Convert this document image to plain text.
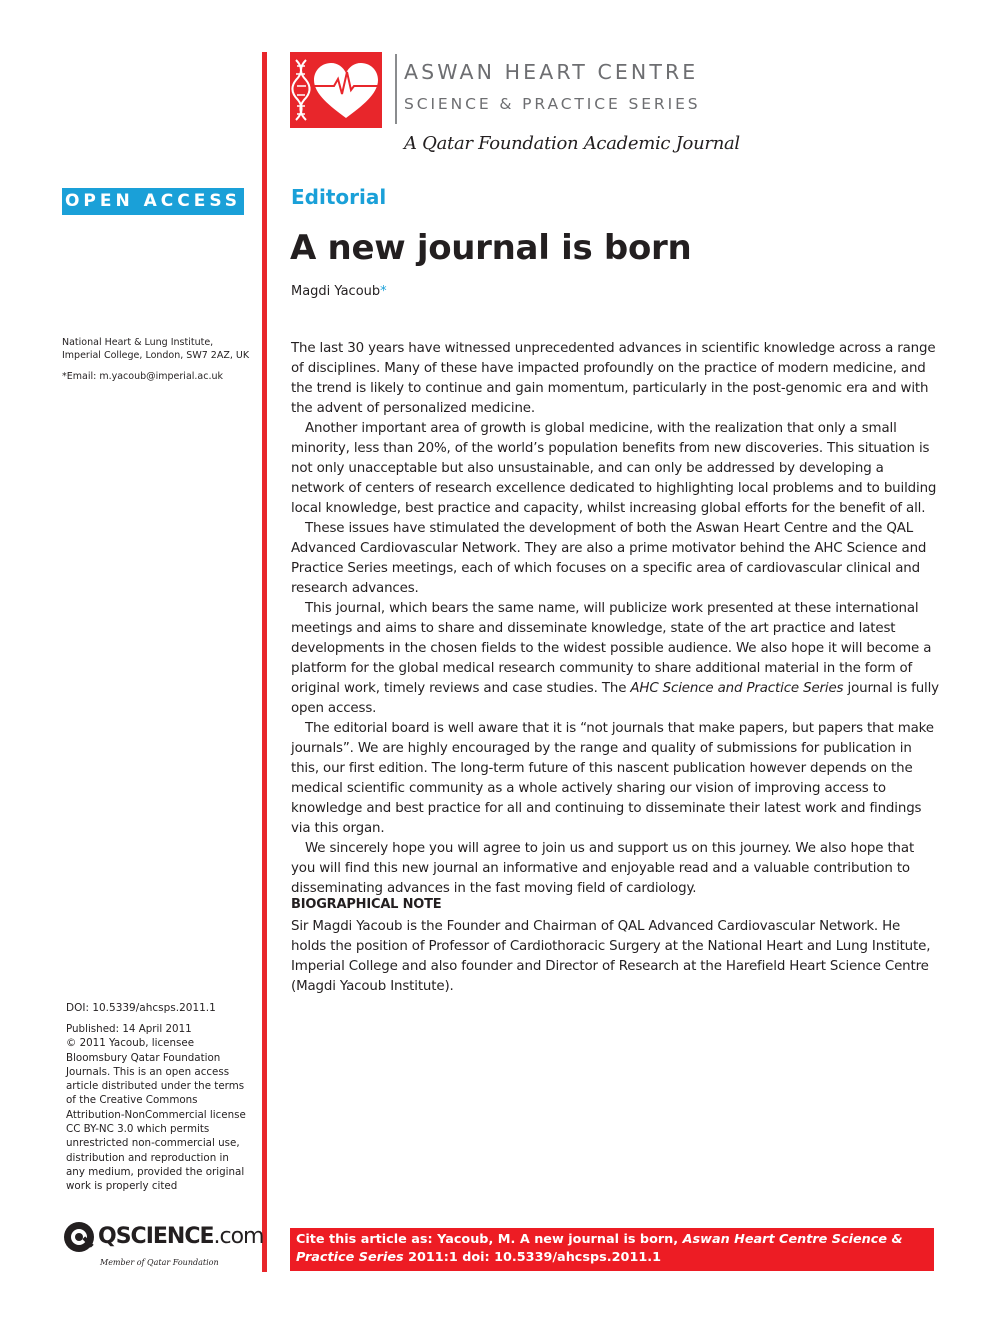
ASWAN HEART CENTRE
SCIENCE & PRACTICE SERIES
A Qatar Foundation Academic Journal
OPEN ACCESS
National Heart & Lung Institute,
Imperial College, London, SW7 2AZ, UK
*Email: m.yacoub@imperial.ac.uk
DOI: 10.5339/ahcsps.2011.1
Published: 14 April 2011
© 2011 Yacoub, licensee
Bloomsbury Qatar Foundation
Journals. This is an open access
article distributed under the terms
of the Creative Commons
Attribution-NonCommercial license
CC BY-NC 3.0 which permits
unrestricted non-commercial use,
distribution and reproduction in
any medium, provided the original
work is properly cited
QSCIENCE.com
Member of Qatar Foundation
Editorial
A new journal is born
Magdi Yacoub*

The last 30 years have witnessed unprecedented advances in scientific knowledge across a range of disciplines. Many of these have impacted profoundly on the practice of modern medicine, and the trend is likely to continue and gain momentum, particularly in the post-genomic era and with the advent of personalized medicine.

Another important area of growth is global medicine, with the realization that only a small minority, less than 20%, of the world’s population benefits from new discoveries. This situation is not only unacceptable but also unsustainable, and can only be addressed by developing a network of centers of research excellence dedicated to highlighting local problems and to building local knowledge, best practice and capacity, whilst increasing global efforts for the benefit of all.

These issues have stimulated the development of both the Aswan Heart Centre and the QAL Advanced Cardiovascular Network. They are also a prime motivator behind the AHC Science and Practice Series meetings, each of which focuses on a specific area of cardiovascular clinical and research advances.

This journal, which bears the same name, will publicize work presented at these international meetings and aims to share and disseminate knowledge, state of the art practice and latest developments in the chosen fields to the widest possible audience. We also hope it will become a platform for the global medical research community to share additional material in the form of original work, timely reviews and case studies. The AHC Science and Practice Series journal is fully open access.

The editorial board is well aware that it is “not journals that make papers, but papers that make journals”. We are highly encouraged by the range and quality of submissions for publication in this, our first edition. The long-term future of this nascent publication however depends on the medical scientific community as a whole actively sharing our vision of improving access to knowledge and best practice for all and continuing to disseminate their latest work and findings via this organ.

We sincerely hope you will agree to join us and support us on this journey. We also hope that you will find this new journal an informative and enjoyable read and a valuable contribution to disseminating advances in the fast moving field of cardiology.

BIOGRAPHICAL NOTE
Sir Magdi Yacoub is the Founder and Chairman of QAL Advanced Cardiovascular Network. He holds the position of Professor of Cardiothoracic Surgery at the National Heart and Lung Institute, Imperial College and also founder and Director of Research at the Harefield Heart Science Centre (Magdi Yacoub Institute).
Cite this article as: Yacoub, M. A new journal is born, Aswan Heart Centre Science & Practice Series 2011:1 doi: 10.5339/ahcsps.2011.1
